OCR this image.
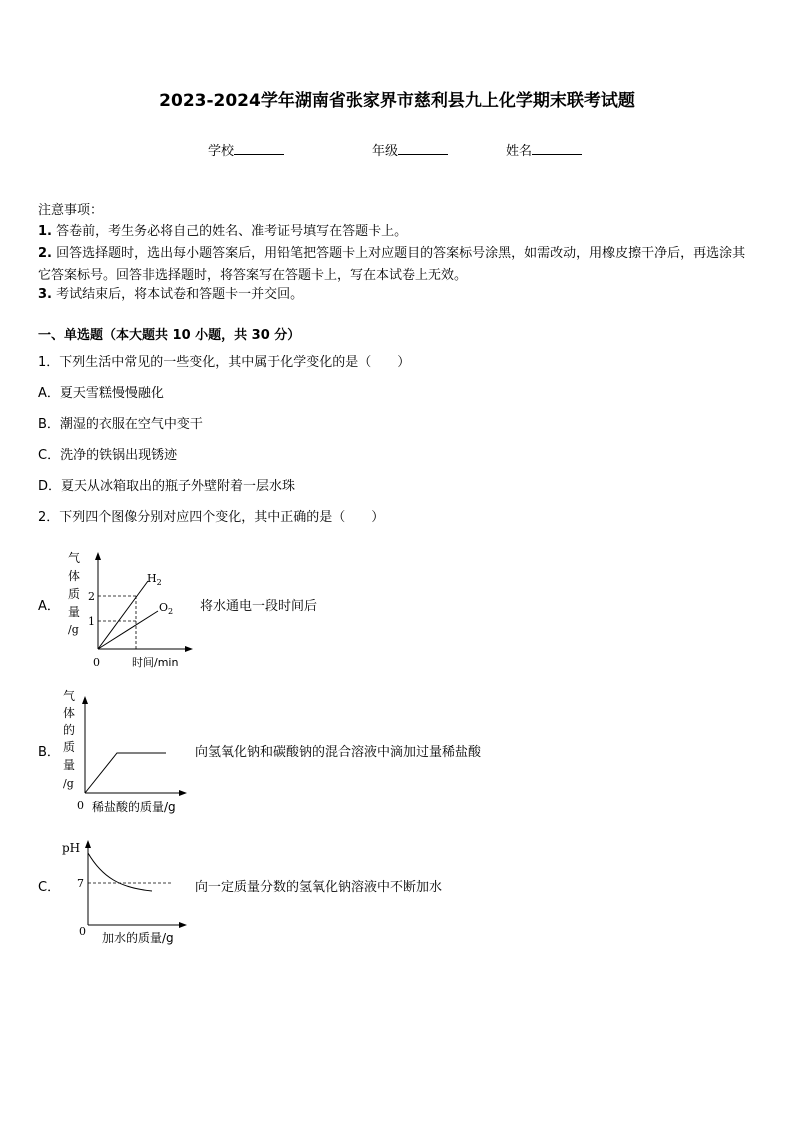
2023-2024学年湖南省张家界市慈利县九上化学期末联考试题
学校	年级	姓名
注意事项：
1. 答卷前，考生务必将自己的姓名、准考证号填写在答题卡上。
2. 回答选择题时，选出每小题答案后，用铅笔把答题卡上对应题目的答案标号涂黑，如需改动，用橡皮擦干净后，再选涂其它答案标号。回答非选择题时，将答案写在答题卡上，写在本试卷上无效。
3. 考试结束后，将本试卷和答题卡一并交回。
一、单选题（本大题共 10 小题，共 30 分）
1．下列生活中常见的一些变化，其中属于化学变化的是（　　）
A．夏天雪糕慢慢融化
B．潮湿的衣服在空气中变干
C．洗净的铁锅出现锈迹
D．夏天从冰箱取出的瓶子外壁附着一层水珠
2．下列四个图像分别对应四个变化，其中正确的是（　　）
A．
气
体
质
量
/g
2
1
0	时间/min
$H_2$
$O_2$ 将水通电一段时间后
B．
气
体
的
质
量
/g
0 稀盐酸的质量/g
向氢氧化钠和碳酸钠的混合溶液中滴加过量稀盐酸
C．
pH
7
0 加水的质量/g
向一定质量分数的氢氧化钠溶液中不断加水
